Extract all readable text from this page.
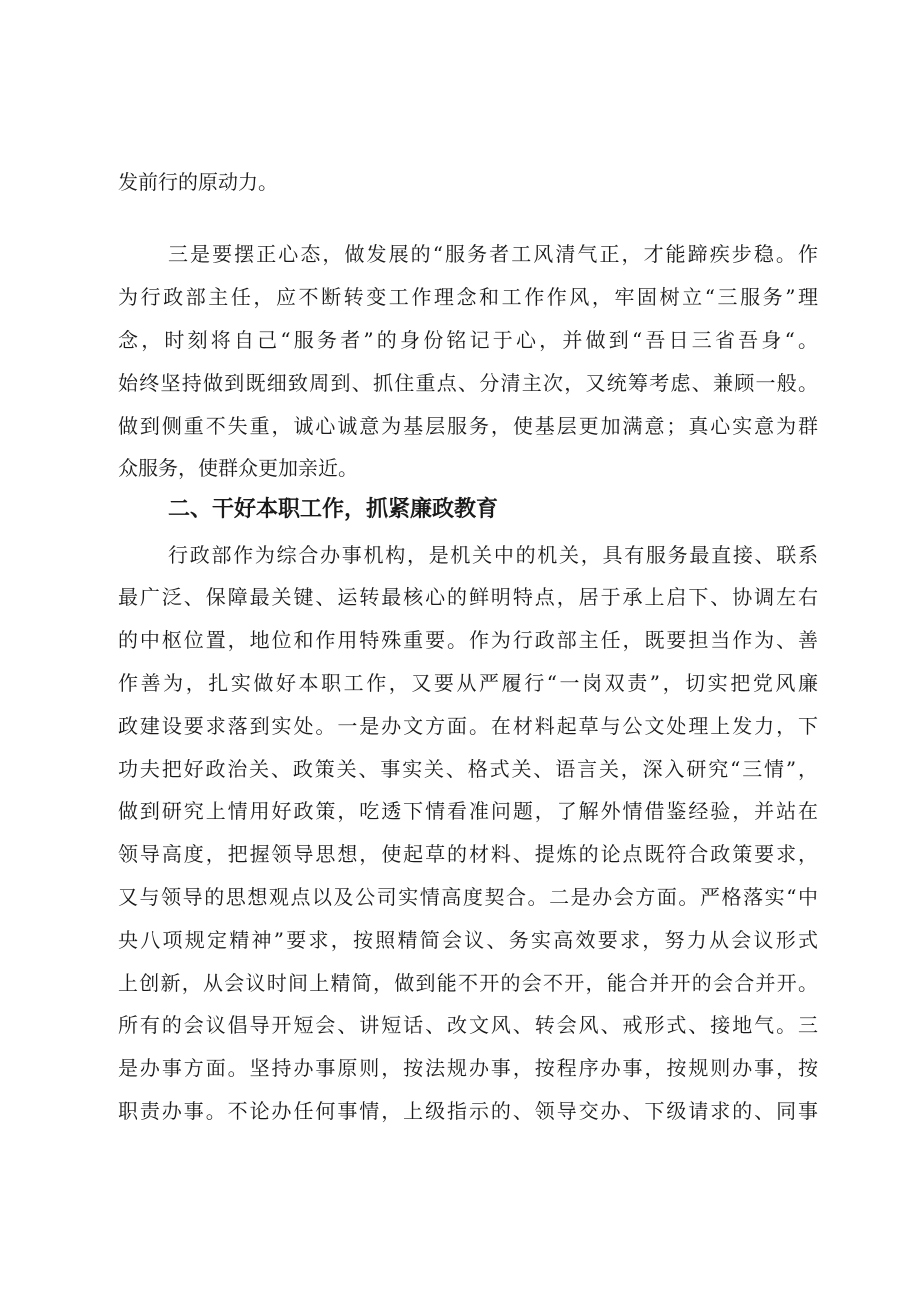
发前行的原动力。
三是要摆正心态，做发展的“服务者工风清气正，才能蹄疾步稳。作
为行政部主任，应不断转变工作理念和工作作风，牢固树立“三服务”理
念，时刻将自己“服务者”的身份铭记于心，并做到“吾日三省吾身“。
始终坚持做到既细致周到、抓住重点、分清主次，又统筹考虑、兼顾一般。
做到侧重不失重，诚心诚意为基层服务，使基层更加满意；真心实意为群
众服务，使群众更加亲近。
二、干好本职工作，抓紧廉政教育
行政部作为综合办事机构，是机关中的机关，具有服务最直接、联系
最广泛、保障最关键、运转最核心的鲜明特点，居于承上启下、协调左右
的中枢位置，地位和作用特殊重要。作为行政部主任，既要担当作为、善
作善为，扎实做好本职工作，又要从严履行“一岗双责”，切实把党风廉
政建设要求落到实处。一是办文方面。在材料起草与公文处理上发力，下
功夫把好政治关、政策关、事实关、格式关、语言关，深入研究“三情”，
做到研究上情用好政策，吃透下情看准问题，了解外情借鉴经验，并站在
领导高度，把握领导思想，使起草的材料、提炼的论点既符合政策要求，
又与领导的思想观点以及公司实情高度契合。二是办会方面。严格落实“中
央八项规定精神”要求，按照精简会议、务实高效要求，努力从会议形式
上创新，从会议时间上精简，做到能不开的会不开，能合并开的会合并开。
所有的会议倡导开短会、讲短话、改文风、转会风、戒形式、接地气。三
是办事方面。坚持办事原则，按法规办事，按程序办事，按规则办事，按
职责办事。不论办任何事情，上级指示的、领导交办、下级请求的、同事
